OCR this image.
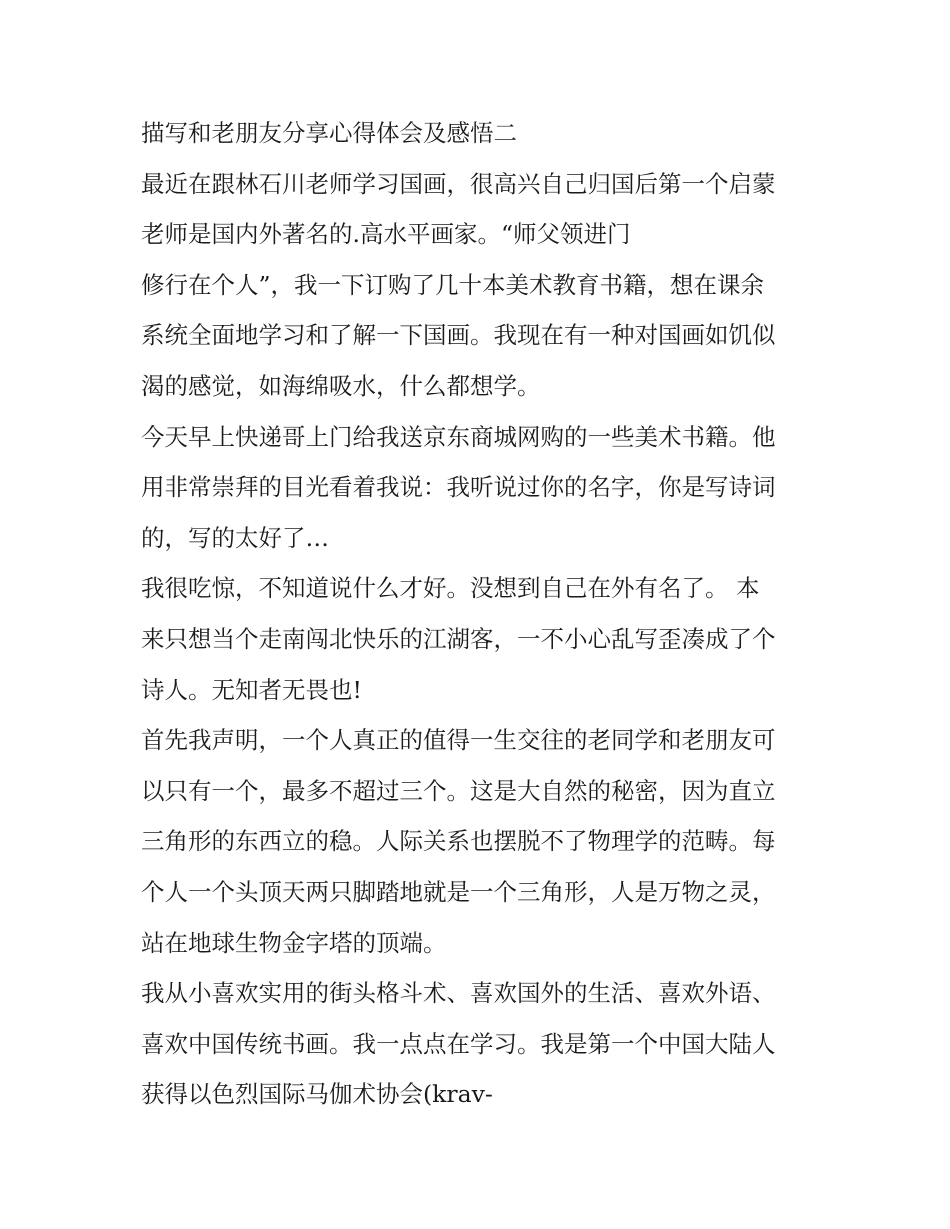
描写和老朋友分享心得体会及感悟二
最近在跟林石川老师学习国画，很高兴自己归国后第一个启蒙
老师是国内外著名的.高水平画家。“师父领进门
修行在个人”，我一下订购了几十本美术教育书籍，想在课余
系统全面地学习和了解一下国画。我现在有一种对国画如饥似
渴的感觉，如海绵吸水，什么都想学。
今天早上快递哥上门给我送京东商城网购的一些美术书籍。他
用非常崇拜的目光看着我说：我听说过你的名字，你是写诗词
的，写的太好了…
我很吃惊，不知道说什么才好。没想到自己在外有名了。 本
来只想当个走南闯北快乐的江湖客，一不小心乱写歪凑成了个
诗人。无知者无畏也!
首先我声明，一个人真正的值得一生交往的老同学和老朋友可
以只有一个，最多不超过三个。这是大自然的秘密，因为直立
三角形的东西立的稳。人际关系也摆脱不了物理学的范畴。每
个人一个头顶天两只脚踏地就是一个三角形，人是万物之灵，
站在地球生物金字塔的顶端。
我从小喜欢实用的街头格斗术、喜欢国外的生活、喜欢外语、
喜欢中国传统书画。我一点点在学习。我是第一个中国大陆人
获得以色烈国际马伽术协会(krav-
